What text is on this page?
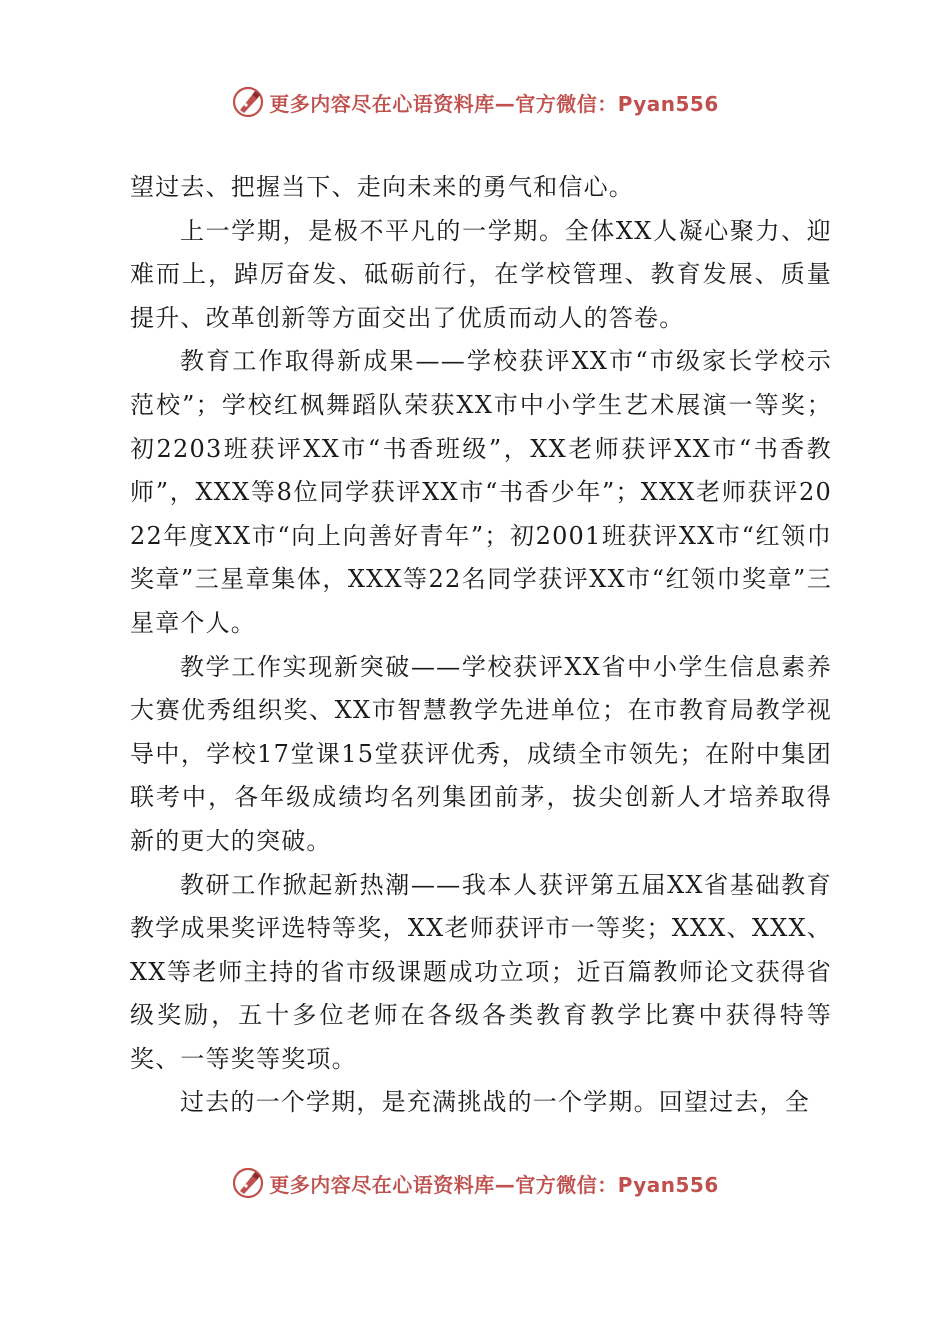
更多内容尽在心语资料库—官方微信：Pyan556

望过去、把握当下、走向未来的勇气和信心。

上一学期，是极不平凡的一学期。全体XX人凝心聚力、迎难而上，踔厉奋发、砥砺前行，在学校管理、教育发展、质量提升、改革创新等方面交出了优质而动人的答卷。

教育工作取得新成果——学校获评XX市“市级家长学校示范校”；学校红枫舞蹈队荣获XX市中小学生艺术展演一等奖；初2203班获评XX市“书香班级”，XX老师获评XX市“书香教师”，XXX等8位同学获评XX市“书香少年”；XXX老师获评2022年度XX市“向上向善好青年”；初2001班获评XX市“红领巾奖章”三星章集体，XXX等22名同学获评XX市“红领巾奖章”三星章个人。

教学工作实现新突破——学校获评XX省中小学生信息素养大赛优秀组织奖、XX市智慧教学先进单位；在市教育局教学视导中，学校17堂课15堂获评优秀，成绩全市领先；在附中集团联考中，各年级成绩均名列集团前茅，拔尖创新人才培养取得新的更大的突破。

教研工作掀起新热潮——我本人获评第五届XX省基础教育教学成果奖评选特等奖，XX老师获评市一等奖；XXX、XXX、XX等老师主持的省市级课题成功立项；近百篇教师论文获得省级奖励，五十多位老师在各级各类教育教学比赛中获得特等奖、一等奖等奖项。

过去的一个学期，是充满挑战的一个学期。回望过去，全

更多内容尽在心语资料库—官方微信：Pyan556
